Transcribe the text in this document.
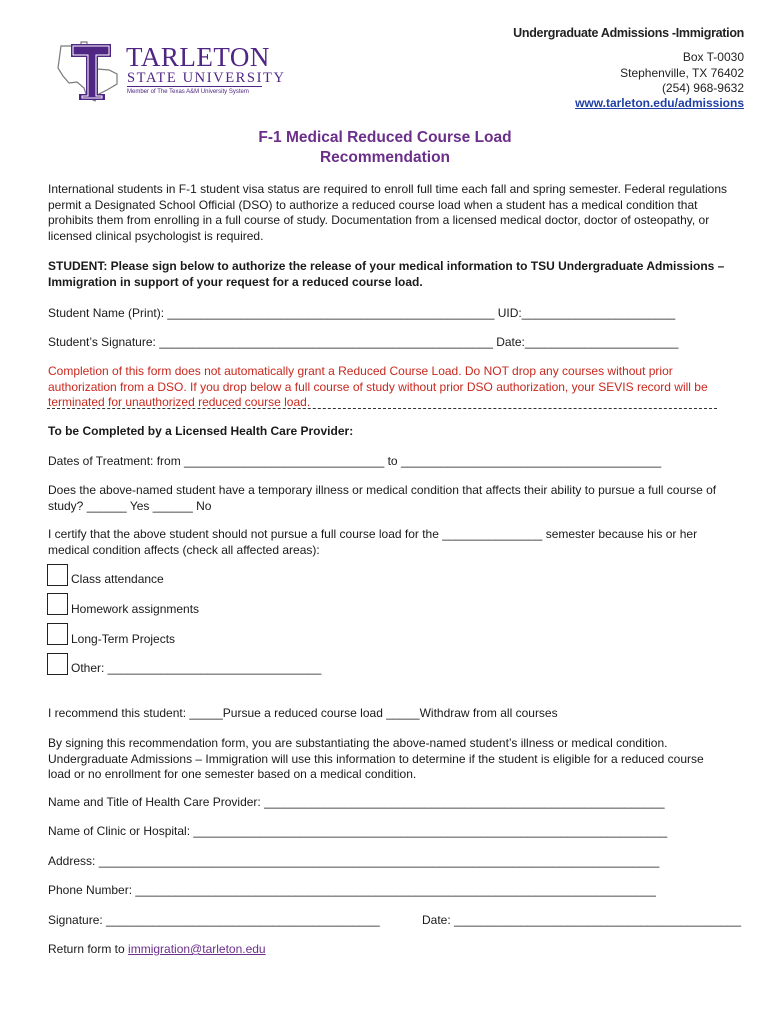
TARLETON
STATE UNIVERSITY
Member of The Texas A&M University System
Undergraduate Admissions -Immigration
Box T-0030
Stephenville, TX 76402
(254) 968-9632
www.tarleton.edu/admissions
F-1 Medical Reduced Course Load
Recommendation
International students in F-1 student visa status are required to enroll full time each fall and spring semester. Federal regulations permit a Designated School Official (DSO) to authorize a reduced course load when a student has a medical condition that prohibits them from enrolling in a full course of study. Documentation from a licensed medical doctor, doctor of osteopathy, or licensed clinical psychologist is required.
STUDENT: Please sign below to authorize the release of your medical information to TSU Undergraduate Admissions – Immigration in support of your request for a reduced course load.
Student Name (Print): _________________________________________________ UID:_______________________
Student’s Signature: __________________________________________________ Date:_______________________
Completion of this form does not automatically grant a Reduced Course Load. Do NOT drop any courses without prior authorization from a DSO. If you drop below a full course of study without prior DSO authorization, your SEVIS record will be terminated for unauthorized reduced course load.
To be Completed by a Licensed Health Care Provider:
Dates of Treatment: from ______________________________ to _______________________________________
Does the above-named student have a temporary illness or medical condition that affects their ability to pursue a full course of study? ______ Yes ______ No
I certify that the above student should not pursue a full course load for the _______________ semester because his or her medical condition affects (check all affected areas):
Class attendance
Homework assignments
Long-Term Projects
Other: ________________________________
I recommend this student: _____Pursue a reduced course load _____Withdraw from all courses
By signing this recommendation form, you are substantiating the above-named student’s illness or medical condition. Undergraduate Admissions – Immigration will use this information to determine if the student is eligible for a reduced course load or no enrollment for one semester based on a medical condition.
Name and Title of Health Care Provider: ____________________________________________________________
Name of Clinic or Hospital: _______________________________________________________________________
Address: ____________________________________________________________________________________
Phone Number: ______________________________________________________________________________
Signature: _________________________________________	Date: ___________________________________________
Return form to immigration@tarleton.edu
